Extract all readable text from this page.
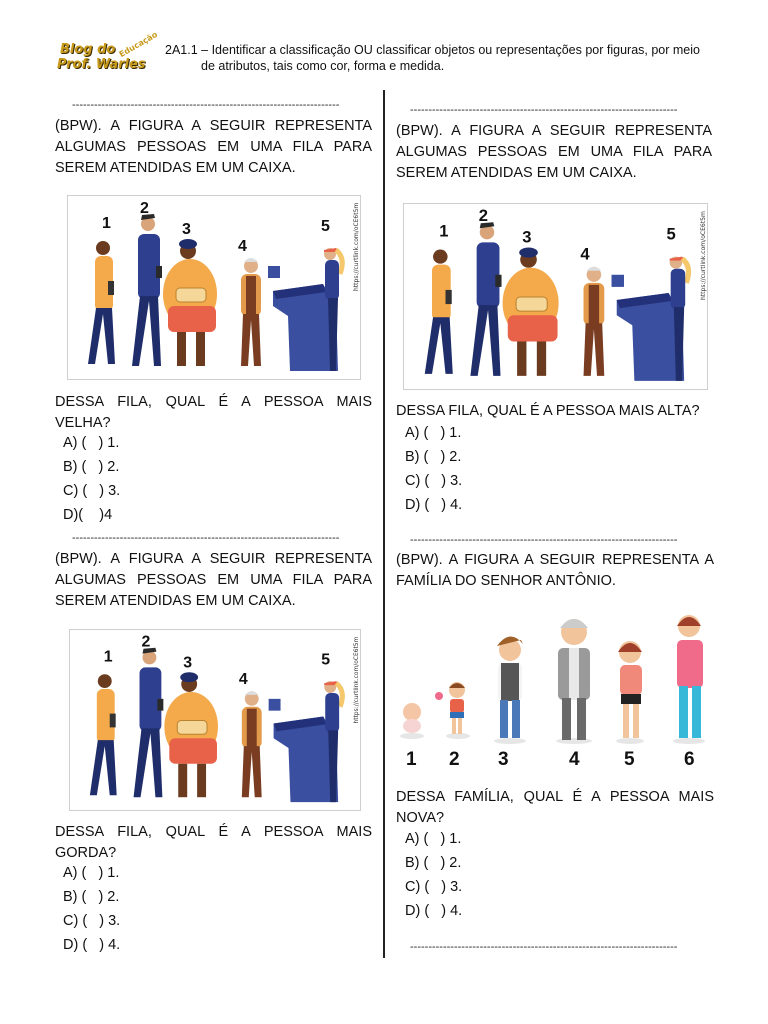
Blog do
Prof. Warles
Educação 2A1.1 – Identificar a classificação OU classificar objetos ou representações por figuras, por meio
de atributos, tais como cor, forma e medida.
-------------------------------------------------------------------------	-------------------------------------------------------------------------
-------------------------------------------------------------------------	-------------------------------------------------------------------------
-------------------------------------------------------------------------

(BPW). A FIGURA A SEGUIR REPRESENTA ALGUMAS PESSOAS EM UMA FILA PARA SEREM ATENDIDAS EM UM CAIXA.

1
2
3
4
5	https://curtlink.com/oCE6t5m

DESSA FILA, QUAL É A PESSOA MAIS VELHA?

A) (   ) 1.
B) (   ) 2.
C) (   ) 3.
D)(    )4

(BPW). A FIGURA A SEGUIR REPRESENTA ALGUMAS PESSOAS EM UMA FILA PARA SEREM ATENDIDAS EM UM CAIXA.

1
2
3
4
5	https://curtlink.com/oCE6t5m

DESSA FILA, QUAL É A PESSOA MAIS ALTA?

A) (   ) 1.
B) (   ) 2.
C) (   ) 3.
D) (   ) 4.

(BPW). A FIGURA A SEGUIR REPRESENTA ALGUMAS PESSOAS EM UMA FILA PARA SEREM ATENDIDAS EM UM CAIXA.

1
2
3
4
5	https://curtlink.com/oCE6t5m

DESSA FILA, QUAL É A PESSOA MAIS GORDA?

A) (   ) 1.
B) (   ) 2.
C) (   ) 3.
D) (   ) 4.

(BPW). A FIGURA A SEGUIR REPRESENTA A FAMÍLIA DO SENHOR ANTÔNIO.

1 2 3	4 5	6

DESSA FAMÍLIA, QUAL É A PESSOA MAIS NOVA?

A) (   ) 1.
B) (   ) 2.
C) (   ) 3.
D) (   ) 4.
